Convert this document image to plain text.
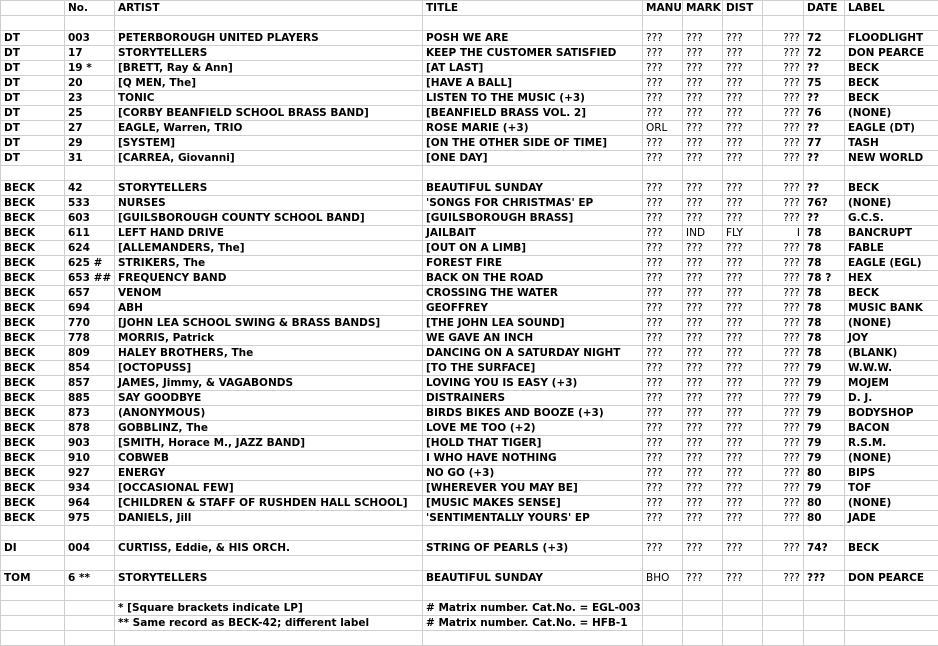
	No.	ARTIST	TITLE	MANU	MARK	DIST		DATE	LABEL

DT	003	PETERBOROUGH UNITED PLAYERS	POSH WE ARE	???	???	???	???	72	FLOODLIGHT
DT	17	STORYTELLERS	KEEP THE CUSTOMER SATISFIED	???	???	???	???	72	DON PEARCE
DT	19 *	[BRETT, Ray & Ann]	[AT LAST]	???	???	???	???	??	BECK
DT	20	[Q MEN, The]	[HAVE A BALL]	???	???	???	???	75	BECK
DT	23	TONIC	LISTEN TO THE MUSIC (+3)	???	???	???	???	??	BECK
DT	25	[CORBY BEANFIELD SCHOOL BRASS BAND]	[BEANFIELD BRASS VOL. 2]	???	???	???	???	76	(NONE)
DT	27	EAGLE, Warren, TRIO	ROSE MARIE (+3)	ORL	???	???	???	??	EAGLE (DT)
DT	29	[SYSTEM]	[ON THE OTHER SIDE OF TIME]	???	???	???	???	77	TASH
DT	31	[CARREA, Giovanni]	[ONE DAY]	???	???	???	???	??	NEW WORLD

BECK	42	STORYTELLERS	BEAUTIFUL SUNDAY	???	???	???	???	??	BECK
BECK	533	NURSES	'SONGS FOR CHRISTMAS' EP	???	???	???	???	76?	(NONE)
BECK	603	[GUILSBOROUGH COUNTY SCHOOL BAND]	[GUILSBOROUGH BRASS]	???	???	???	???	??	G.C.S.
BECK	611	LEFT HAND DRIVE	JAILBAIT	???	IND	FLY	I	78	BANCRUPT
BECK	624	[ALLEMANDERS, The]	[OUT ON A LIMB]	???	???	???	???	78	FABLE
BECK	625 #	STRIKERS, The	FOREST FIRE	???	???	???	???	78	EAGLE (EGL)
BECK	653 ##	FREQUENCY BAND	BACK ON THE ROAD	???	???	???	???	78 ?	HEX
BECK	657	VENOM	CROSSING THE WATER	???	???	???	???	78	BECK
BECK	694	ABH	GEOFFREY	???	???	???	???	78	MUSIC BANK
BECK	770	[JOHN LEA SCHOOL SWING & BRASS BANDS]	[THE JOHN LEA SOUND]	???	???	???	???	78	(NONE)
BECK	778	MORRIS, Patrick	WE GAVE AN INCH	???	???	???	???	78	JOY
BECK	809	HALEY BROTHERS, The	DANCING ON A SATURDAY NIGHT	???	???	???	???	78	(BLANK)
BECK	854	[OCTOPUSS]	[TO THE SURFACE]	???	???	???	???	79	W.W.W.
BECK	857	JAMES, Jimmy, & VAGABONDS	LOVING YOU IS EASY (+3)	???	???	???	???	79	MOJEM
BECK	885	SAY GOODBYE	DISTRAINERS	???	???	???	???	79	D. J.
BECK	873	(ANONYMOUS)	BIRDS BIKES AND BOOZE (+3)	???	???	???	???	79	BODYSHOP
BECK	878	GOBBLINZ, The	LOVE ME TOO (+2)	???	???	???	???	79	BACON
BECK	903	[SMITH, Horace M., JAZZ BAND]	[HOLD THAT TIGER]	???	???	???	???	79	R.S.M.
BECK	910	COBWEB	I WHO HAVE NOTHING	???	???	???	???	79	(NONE)
BECK	927	ENERGY	NO GO (+3)	???	???	???	???	80	BIPS
BECK	934	[OCCASIONAL FEW]	[WHEREVER YOU MAY BE]	???	???	???	???	79	TOF
BECK	964	[CHILDREN & STAFF OF RUSHDEN HALL SCHOOL]	[MUSIC MAKES SENSE]	???	???	???	???	80	(NONE)
BECK	975	DANIELS, Jill	'SENTIMENTALLY YOURS' EP	???	???	???	???	80	JADE

DI	004	CURTISS, Eddie, & HIS ORCH.	STRING OF PEARLS (+3)	???	???	???	???	74?	BECK

TOM	6 **	STORYTELLERS	BEAUTIFUL SUNDAY	BHO	???	???	???	???	DON PEARCE

		* [Square brackets indicate LP]	# Matrix number. Cat.No. = EGL-003						
		** Same record as BECK-42; different label	# Matrix number. Cat.No. = HFB-1						
